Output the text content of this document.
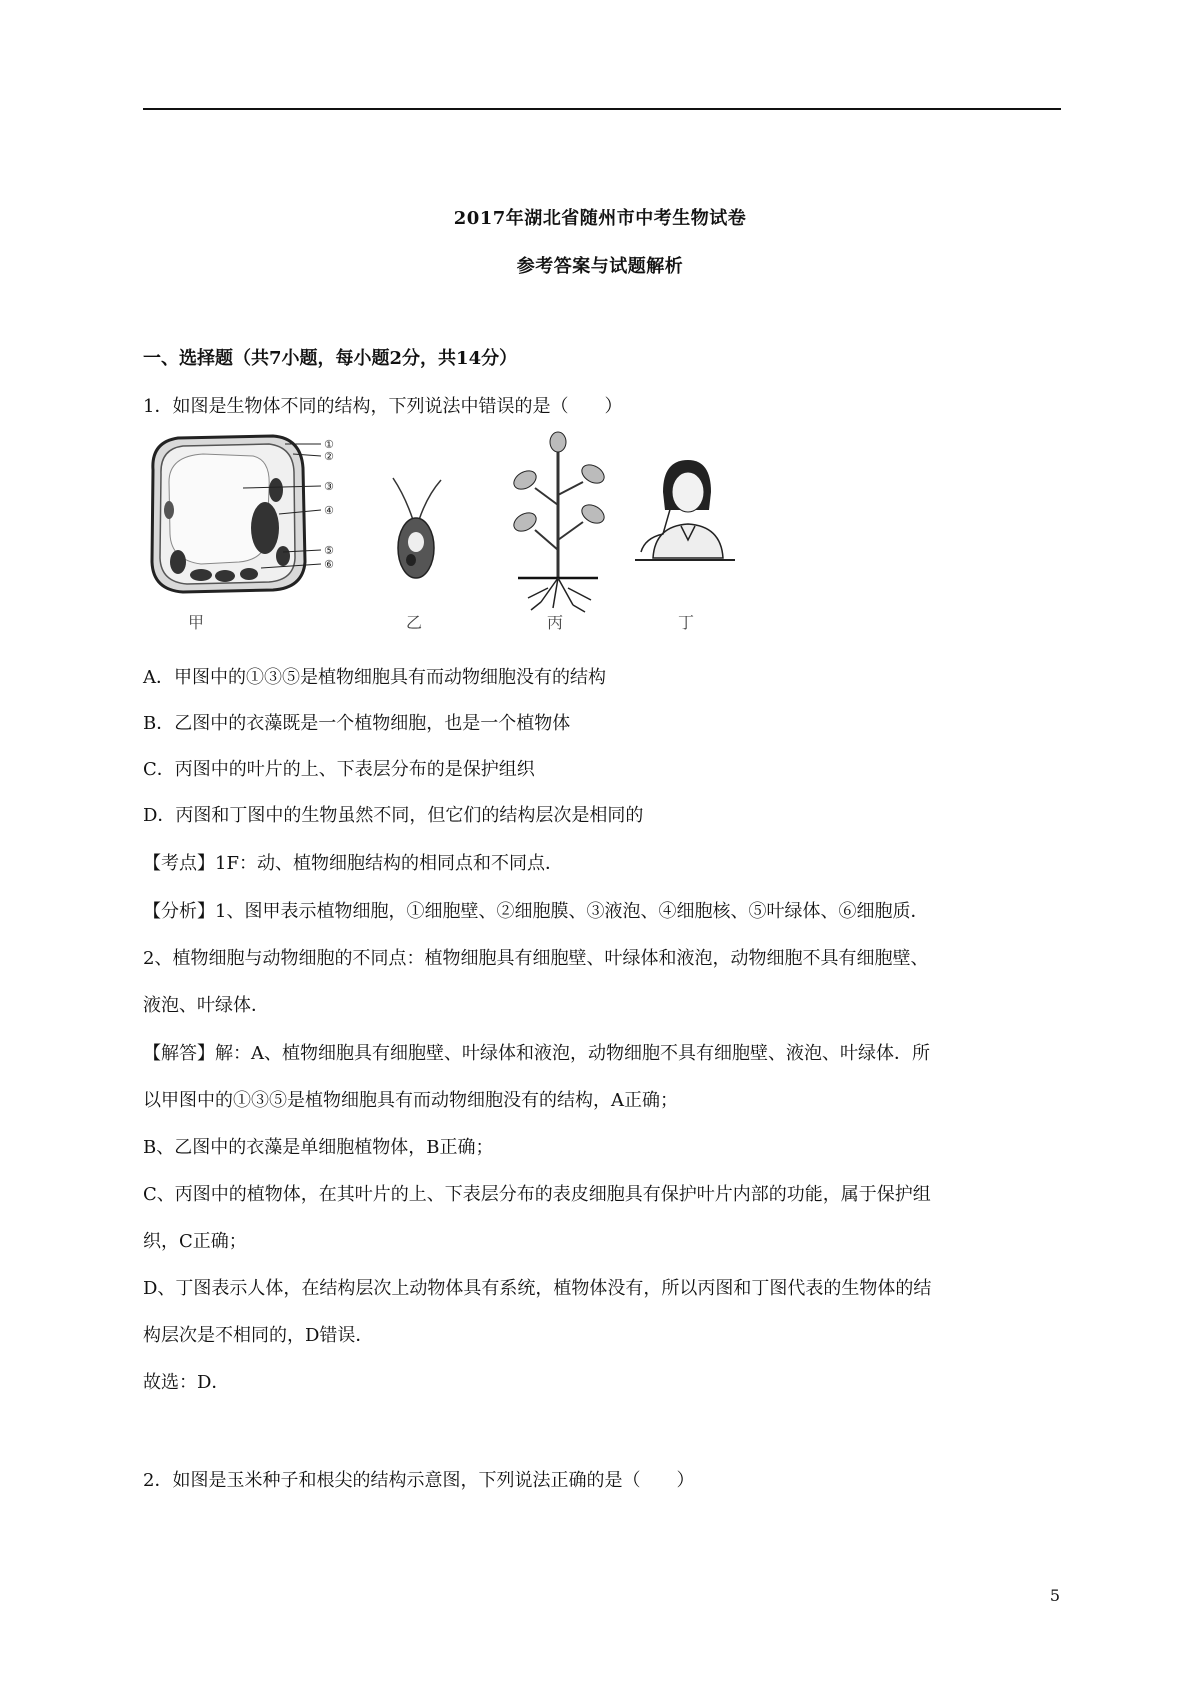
2017年湖北省随州市中考生物试卷
参考答案与试题解析
一、选择题（共7小题，每小题2分，共14分）
1．如图是生物体不同的结构，下列说法中错误的是（　　）
①
②
③
④
⑤
⑥
甲	乙	丙	丁
A．甲图中的①③⑤是植物细胞具有而动物细胞没有的结构
B．乙图中的衣藻既是一个植物细胞，也是一个植物体
C．丙图中的叶片的上、下表层分布的是保护组织
D．丙图和丁图中的生物虽然不同，但它们的结构层次是相同的
【考点】1F：动、植物细胞结构的相同点和不同点．
【分析】1、图甲表示植物细胞，①细胞壁、②细胞膜、③液泡、④细胞核、⑤叶绿体、⑥细胞质．
2、植物细胞与动物细胞的不同点：植物细胞具有细胞壁、叶绿体和液泡，动物细胞不具有细胞壁、
液泡、叶绿体．
【解答】解：A、植物细胞具有细胞壁、叶绿体和液泡，动物细胞不具有细胞壁、液泡、叶绿体．所
以甲图中的①③⑤是植物细胞具有而动物细胞没有的结构，A正确；
B、乙图中的衣藻是单细胞植物体，B正确；
C、丙图中的植物体，在其叶片的上、下表层分布的表皮细胞具有保护叶片内部的功能，属于保护组
织，C正确；
D、丁图表示人体，在结构层次上动物体具有系统，植物体没有，所以丙图和丁图代表的生物体的结
构层次是不相同的，D错误．
故选：D．
2．如图是玉米种子和根尖的结构示意图，下列说法正确的是（　　）
5
